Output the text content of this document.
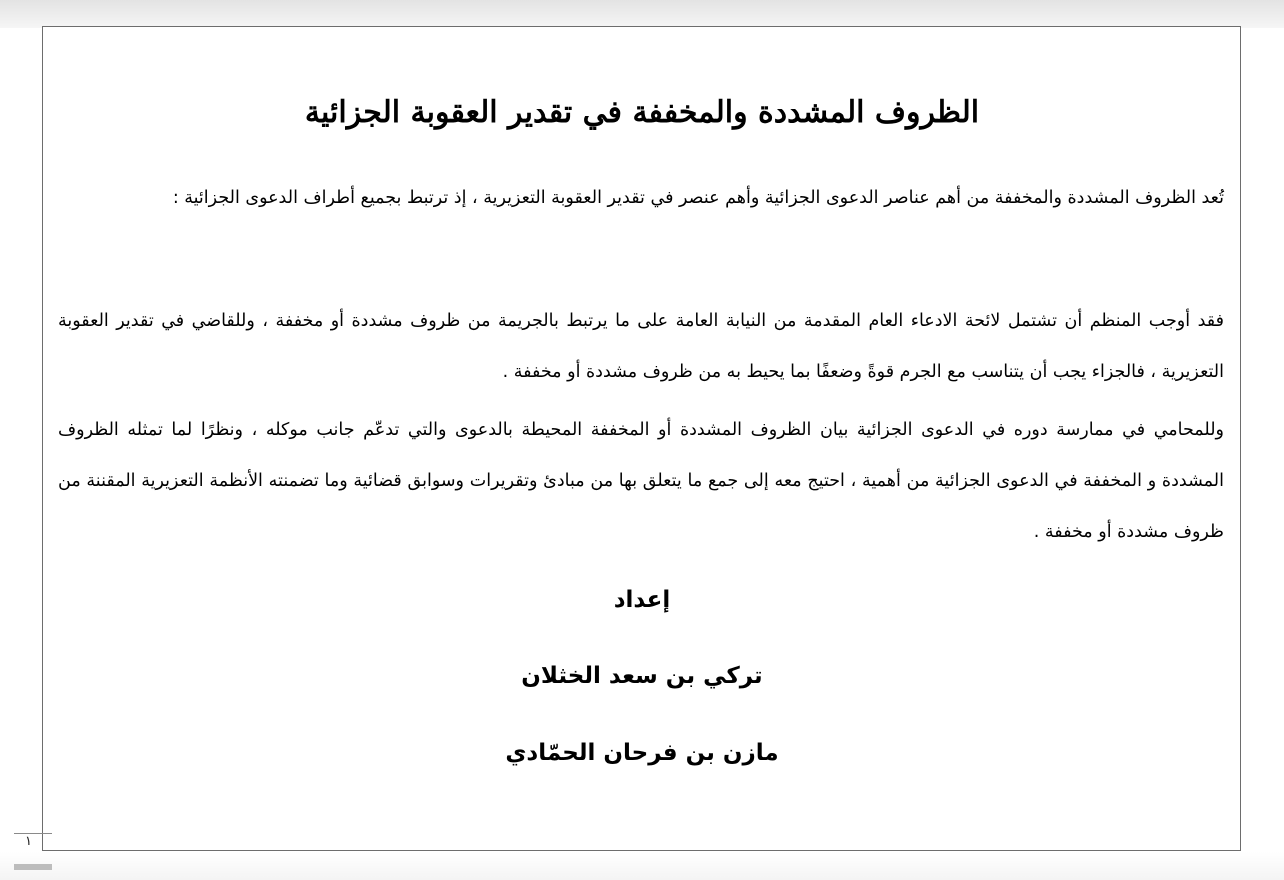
الظروف المشددة والمخففة في تقدير العقوبة الجزائية
تُعد الظروف المشددة والمخففة من أهم عناصر الدعوى الجزائية وأهم عنصر في تقدير العقوبة التعزيرية ، إذ ترتبط بجميع أطراف الدعوى الجزائية :
فقد أوجب المنظم أن تشتمل لائحة الادعاء العام المقدمة من النيابة العامة على ما يرتبط بالجريمة من ظروف مشددة أو مخففة ، وللقاضي في تقدير العقوبة التعزيرية ، فالجزاء يجب أن يتناسب مع الجرم قوةً وضعفًا بما يحيط به من ظروف مشددة أو مخففة .
وللمحامي في ممارسة دوره في الدعوى الجزائية بيان الظروف المشددة أو المخففة المحيطة بالدعوى والتي تدعّم جانب موكله ، ونظرًا لما تمثله الظروف المشددة و المخففة في الدعوى الجزائية من أهمية ، احتيج معه إلى جمع ما يتعلق بها من مبادئ وتقريرات وسوابق قضائية وما تضمنته الأنظمة التعزيرية المقننة من ظروف مشددة أو مخففة .
إعداد
تركي بن سعد الخثلان
مازن بن فرحان الحمّادي
١
